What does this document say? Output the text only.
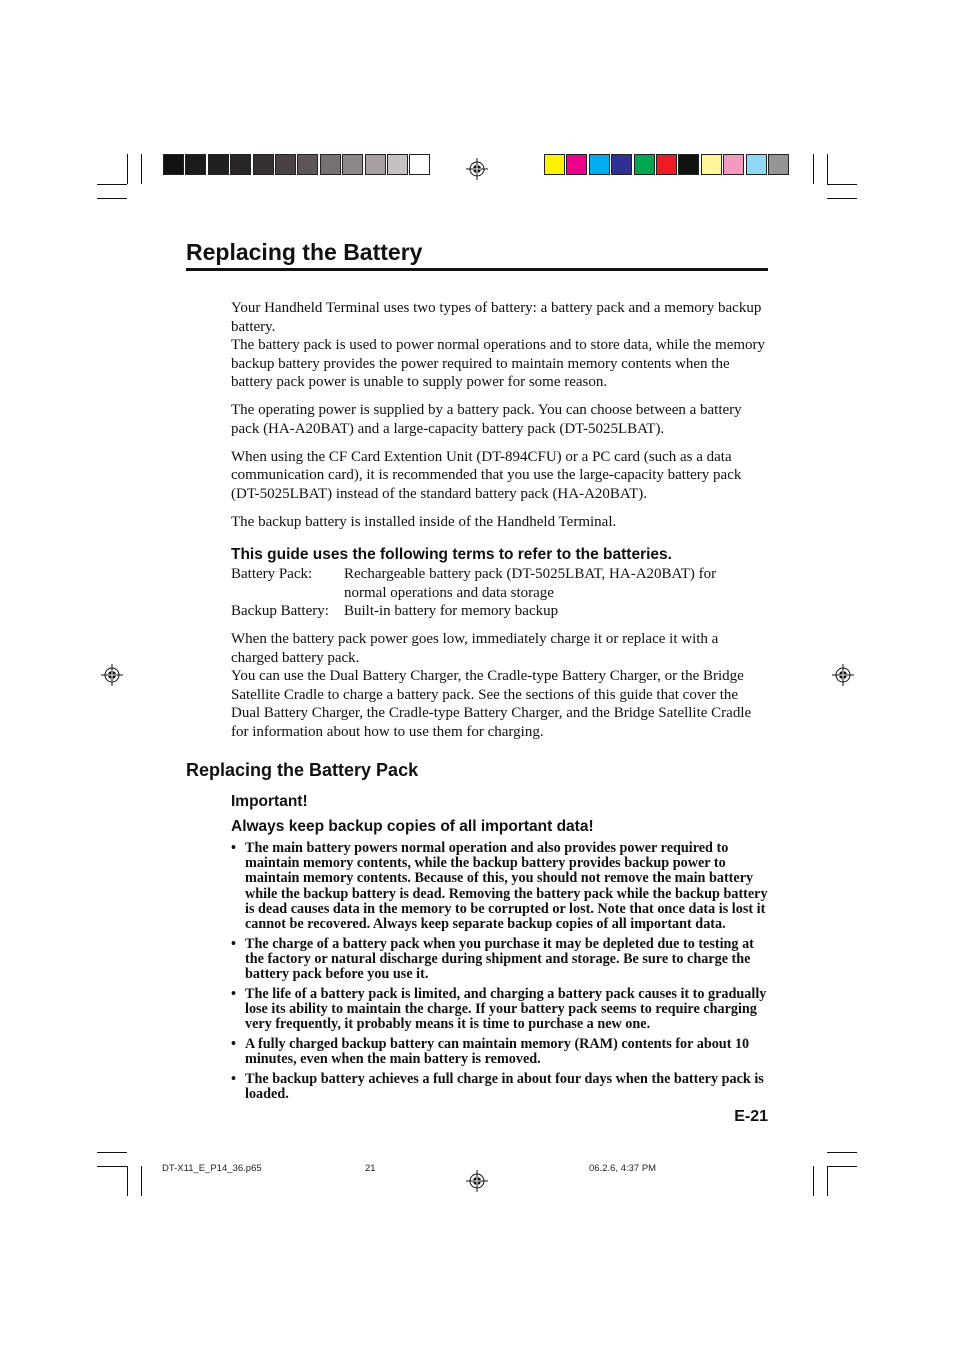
Replacing the Battery

Your Handheld Terminal uses two types of battery: a battery pack and a memory backup battery.
The battery pack is used to power normal operations and to store data, while the memory backup battery provides the power required to maintain memory contents when the battery pack power is unable to supply power for some reason.

The operating power is supplied by a battery pack. You can choose between a battery pack (HA-A20BAT) and a large-capacity battery pack (DT-5025LBAT).

When using the CF Card Extention Unit (DT-894CFU) or a PC card (such as a data communication card), it is recommended that you use the large-capacity battery pack (DT-5025LBAT) instead of the standard battery pack (HA-A20BAT).

The backup battery is installed inside of the Handheld Terminal.

This guide uses the following terms to refer to the batteries.
Battery Pack:	Rechargeable battery pack (DT-5025LBAT, HA-A20BAT) for normal operations and data storage
Backup Battery:	Built-in battery for memory backup
When the battery pack power goes low, immediately charge it or replace it with a charged battery pack.
You can use the Dual Battery Charger, the Cradle-type Battery Charger, or the Bridge Satellite Cradle to charge a battery pack. See the sections of this guide that cover the Dual Battery Charger, the Cradle-type Battery Charger, and the Bridge Satellite Cradle for information about how to use them for charging.
Replacing the Battery Pack
Important!
Always keep backup copies of all important data!
• The main battery powers normal operation and also provides power required to maintain memory contents, while the backup battery provides backup power to maintain memory contents. Because of this, you should not remove the main battery while the backup battery is dead. Removing the battery pack while the backup battery is dead causes data in the memory to be corrupted or lost. Note that once data is lost it cannot be recovered. Always keep separate backup copies of all important data.
• The charge of a battery pack when you purchase it may be depleted due to testing at the factory or natural discharge during shipment and storage. Be sure to charge the battery pack before you use it.
• The life of a battery pack is limited, and charging a battery pack causes it to gradually lose its ability to maintain the charge. If your battery pack seems to require charging very frequently, it probably means it is time to purchase a new one.
• A fully charged backup battery can maintain memory (RAM) contents for about 10 minutes, even when the main battery is removed.
• The backup battery achieves a full charge in about four days when the battery pack is loaded.
E-21
DT-X11_E_P14_36.p65	21	06.2.6, 4:37 PM
